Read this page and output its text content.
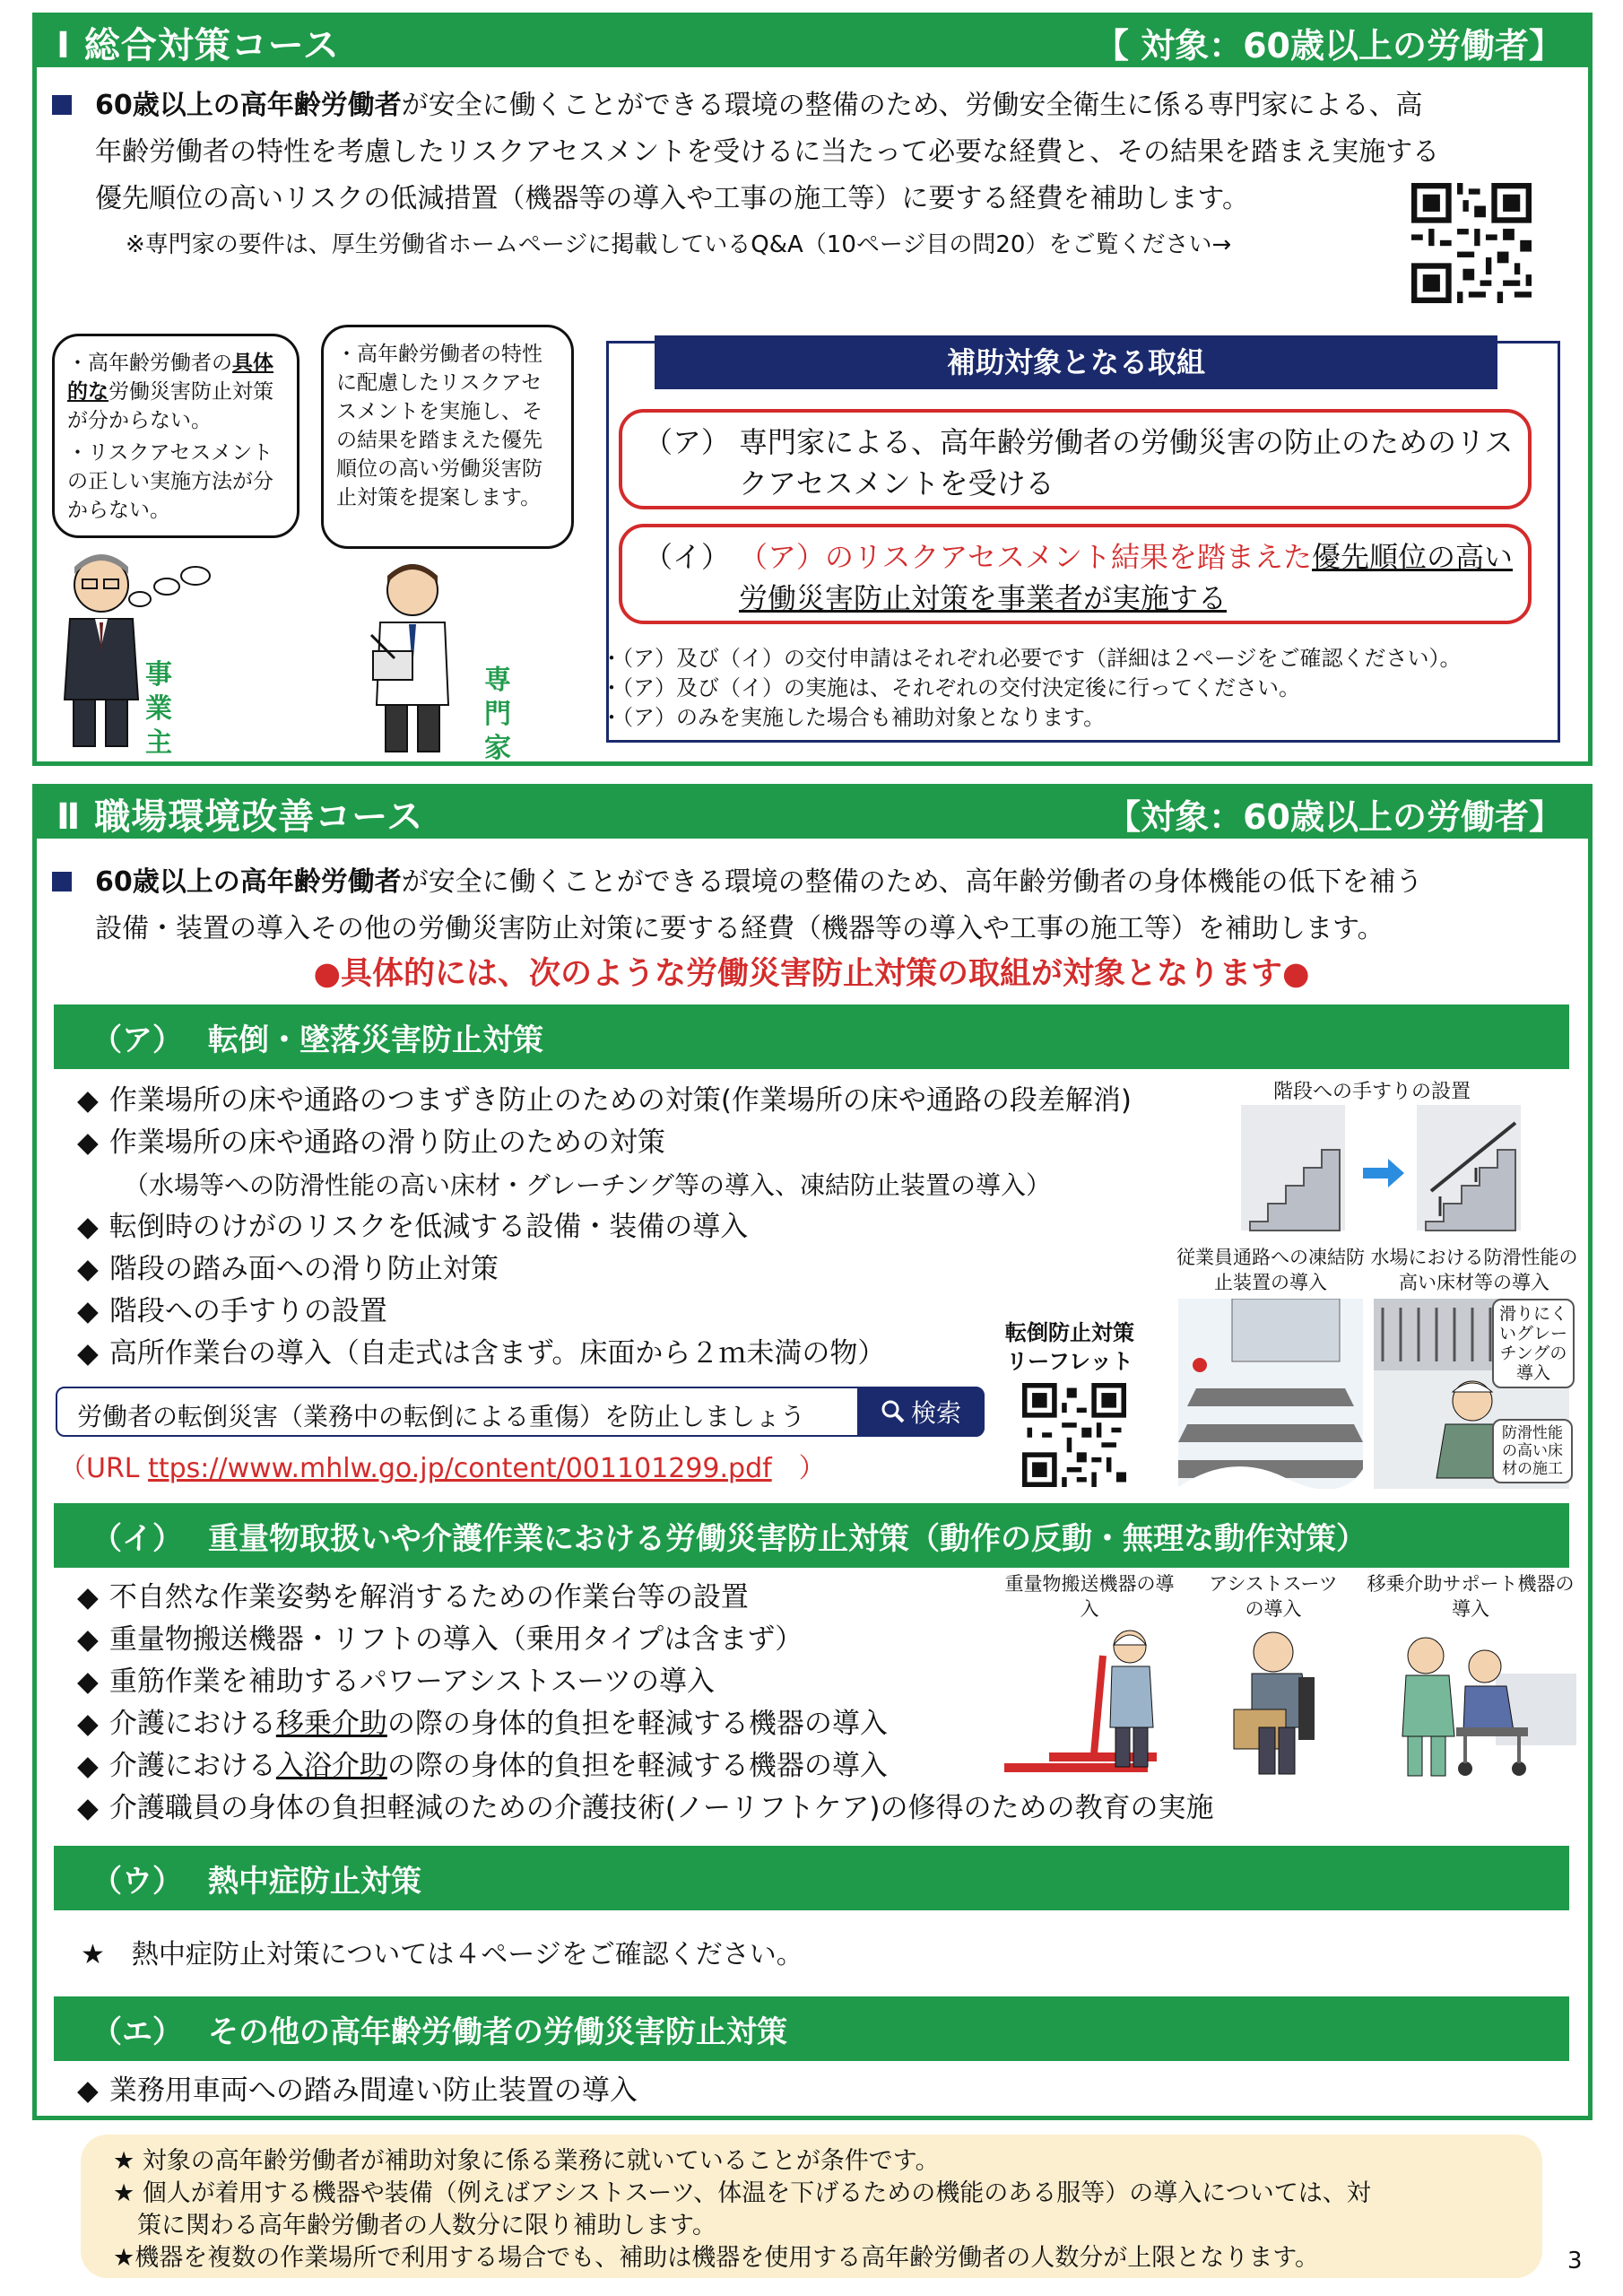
Ⅰ 総合対策コース	【 対象：60歳以上の労働者】
60歳以上の高年齢労働者が安全に働くことができる環境の整備のため、労働安全衛生に係る専門家による、高
年齢労働者の特性を考慮したリスクアセスメントを受けるに当たって必要な経費と、その結果を踏まえ実施する
優先順位の高いリスクの低減措置（機器等の導入や工事の施工等）に要する経費を補助します。
※専門家の要件は、厚生労働省ホームページに掲載しているQ&A（10ページ目の問20）をご覧ください→
・高年齢労働者の具体的な労働災害防止対策が分からない。
・リスクアセスメントの正しい実施方法が分からない。
・高年齢労働者の特性に配慮したリスクアセスメントを実施し、その結果を踏まえた優先順位の高い労働災害防止対策を提案します。
事業主
専門家
補助対象となる取組
（ア） 専門家による、高年齢労働者の労働災害の防止のためのリスクアセスメントを受ける
（イ） （ア）のリスクアセスメント結果を踏まえた優先順位の高い労働災害防止対策を事業者が実施する
・（ア）及び（イ）の交付申請はそれぞれ必要です（詳細は２ページをご確認ください）。
・（ア）及び（イ）の実施は、それぞれの交付決定後に行ってください。
・（ア）のみを実施した場合も補助対象となります。
Ⅱ 職場環境改善コース	【対象：60歳以上の労働者】
60歳以上の高年齢労働者が安全に働くことができる環境の整備のため、高年齢労働者の身体機能の低下を補う
設備・装置の導入その他の労働災害防止対策に要する経費（機器等の導入や工事の施工等）を補助します。
●具体的には、次のような労働災害防止対策の取組が対象となります●
（ア） 転倒・墜落災害防止対策
◆ 作業場所の床や通路のつまずき防止のための対策(作業場所の床や通路の段差解消)
◆ 作業場所の床や通路の滑り防止のための対策
（水場等への防滑性能の高い床材・グレーチング等の導入、凍結防止装置の導入）
◆ 転倒時のけがのリスクを低減する設備・装備の導入
◆ 階段の踏み面への滑り防止対策
◆ 階段への手すりの設置
◆ 高所作業台の導入（自走式は含まず。床面から２ｍ未満の物）
労働者の転倒災害（業務中の転倒による重傷）を防止しましょう	検索
（URL ttps://www.mhlw.go.jp/content/001101299.pdf　）
転倒防止対策リーフレット
階段への手すりの設置
従業員通路への凍結防止装置の導入
水場における防滑性能の高い床材等の導入
滑りにくいグレーチングの導入
防滑性能の高い床材の施工
（イ） 重量物取扱いや介護作業における労働災害防止対策（動作の反動・無理な動作対策）
◆ 不自然な作業姿勢を解消するための作業台等の設置
◆ 重量物搬送機器・リフトの導入（乗用タイプは含まず）
◆ 重筋作業を補助するパワーアシストスーツの導入
◆ 介護における移乗介助の際の身体的負担を軽減する機器の導入
◆ 介護における入浴介助の際の身体的負担を軽減する機器の導入
◆ 介護職員の身体の負担軽減のための介護技術(ノーリフトケア)の修得のための教育の実施
重量物搬送機器の導入
アシストスーツの導入
移乗介助サポート機器の導入
（ウ） 熱中症防止対策
★　熱中症防止対策については４ページをご確認ください。
（エ） その他の高年齢労働者の労働災害防止対策
◆ 業務用車両への踏み間違い防止装置の導入
★ 対象の高年齢労働者が補助対象に係る業務に就いていることが条件です。
★ 個人が着用する機器や装備（例えばアシストスーツ、体温を下げるための機能のある服等）の導入については、対
　策に関わる高年齢労働者の人数分に限り補助します。
★機器を複数の作業場所で利用する場合でも、補助は機器を使用する高年齢労働者の人数分が上限となります。	3
